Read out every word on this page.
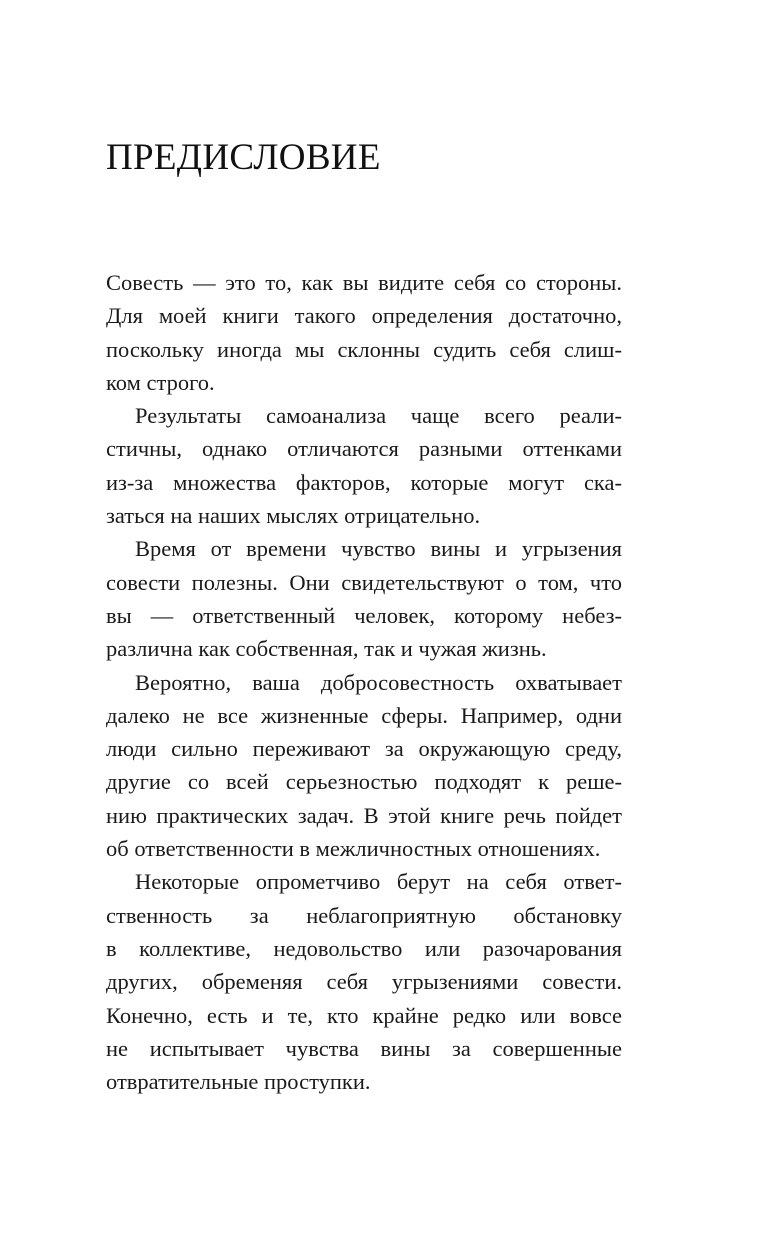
ПРЕДИСЛОВИЕ
Совесть — это то, как вы видите себя со стороны.
Для моей книги такого определения достаточно,
поскольку иногда мы склонны судить себя слиш-
ком строго.
Результаты самоанализа чаще всего реали-
стичны, однако отличаются разными оттенками
из-за множества факторов, которые могут ска-
заться на наших мыслях отрицательно.
Время от времени чувство вины и угрызения
совести полезны. Они свидетельствуют о том, что
вы — ответственный человек, которому небез-
различна как собственная, так и чужая жизнь.
Вероятно, ваша добросовестность охватывает
далеко не все жизненные сферы. Например, одни
люди сильно переживают за окружающую среду,
другие со всей серьезностью подходят к реше-
нию практических задач. В этой книге речь пойдет
об ответственности в межличностных отношениях.
Некоторые опрометчиво берут на себя ответ-
ственность за неблагоприятную обстановку
в коллективе, недовольство или разочарования
других, обременяя себя угрызениями совести.
Конечно, есть и те, кто крайне редко или вовсе
не испытывает чувства вины за совершенные
отвратительные проступки.
